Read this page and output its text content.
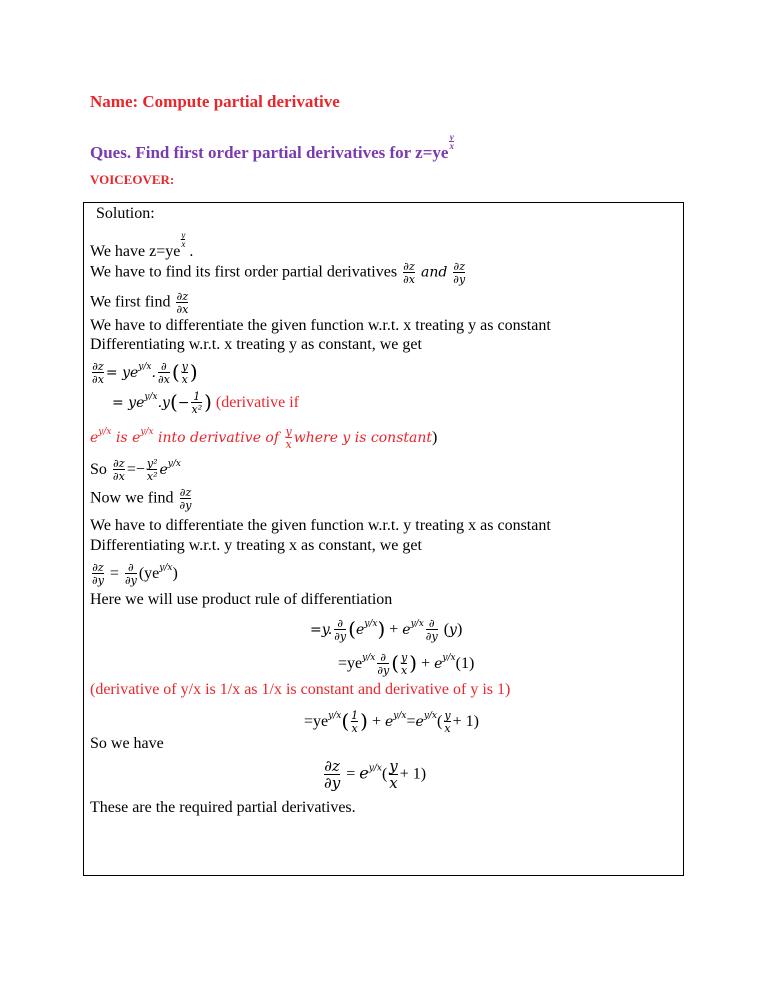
Name: Compute partial derivative
Ques. Find first order partial derivatives for $z=ye\frac{y}{x}$
VOICEOVER:
Solution:
We have z=yey
x .
We have to find its first order partial derivatives $\frac{\partial z}{\partial x}$ and $\frac{\partial z}{\partial y}$
We first find $\frac{\partial z}{\partial x}$
We have to differentiate the given function w.r.t. x treating y as constant
Differentiating w.r.t. x treating y as constant, we get
$\frac{\partial z}{\partial x} = ye^{y/x}$. $\frac{\partial}{\partial x}$ ( $\frac{y}{x}$ )
= $ye^{y/x}.y(- \frac{1}{\text{x²}}$ ) (derivative if
$e^{y/x}$ is $e^{y/x}$ into derivative of $\frac{y}{x}$ where y is constant)
So $\frac{\partial z}{\partial x} =- \frac{\text{y²}}{\text{x²}} e^{y/x}$
Now we find $\frac{\partial z}{\partial y}$
We have to differentiate the given function w.r.t. y treating x as constant
Differentiating w.r.t. y treating x as constant, we get
$\frac{\partial z}{\partial y} = \frac{\partial}{\partial y} (ye^{y/x})$
Here we will use product rule of differentiation
=y. $\frac{\partial}{\partial y} (e^{y/x}) + e^{y/x} \frac{\partial}{\partial y} (y)$
$=ye^{y/x} \frac{\partial}{\partial y}$ ( $\frac{y}{x}$ ) + $e^{y/x}(1)$
(derivative of y/x is 1/x as 1/x is constant and derivative of y is 1)
$=ye^{y/x}( \frac{1}{x}$ ) + $e^{y/x}=e^{y/x}( \frac{y}{x} + 1)$
So we have
$\frac{\partial z}{\partial y} = e^{y/x}( \frac{y}{x} + 1)$
These are the required partial derivatives.
